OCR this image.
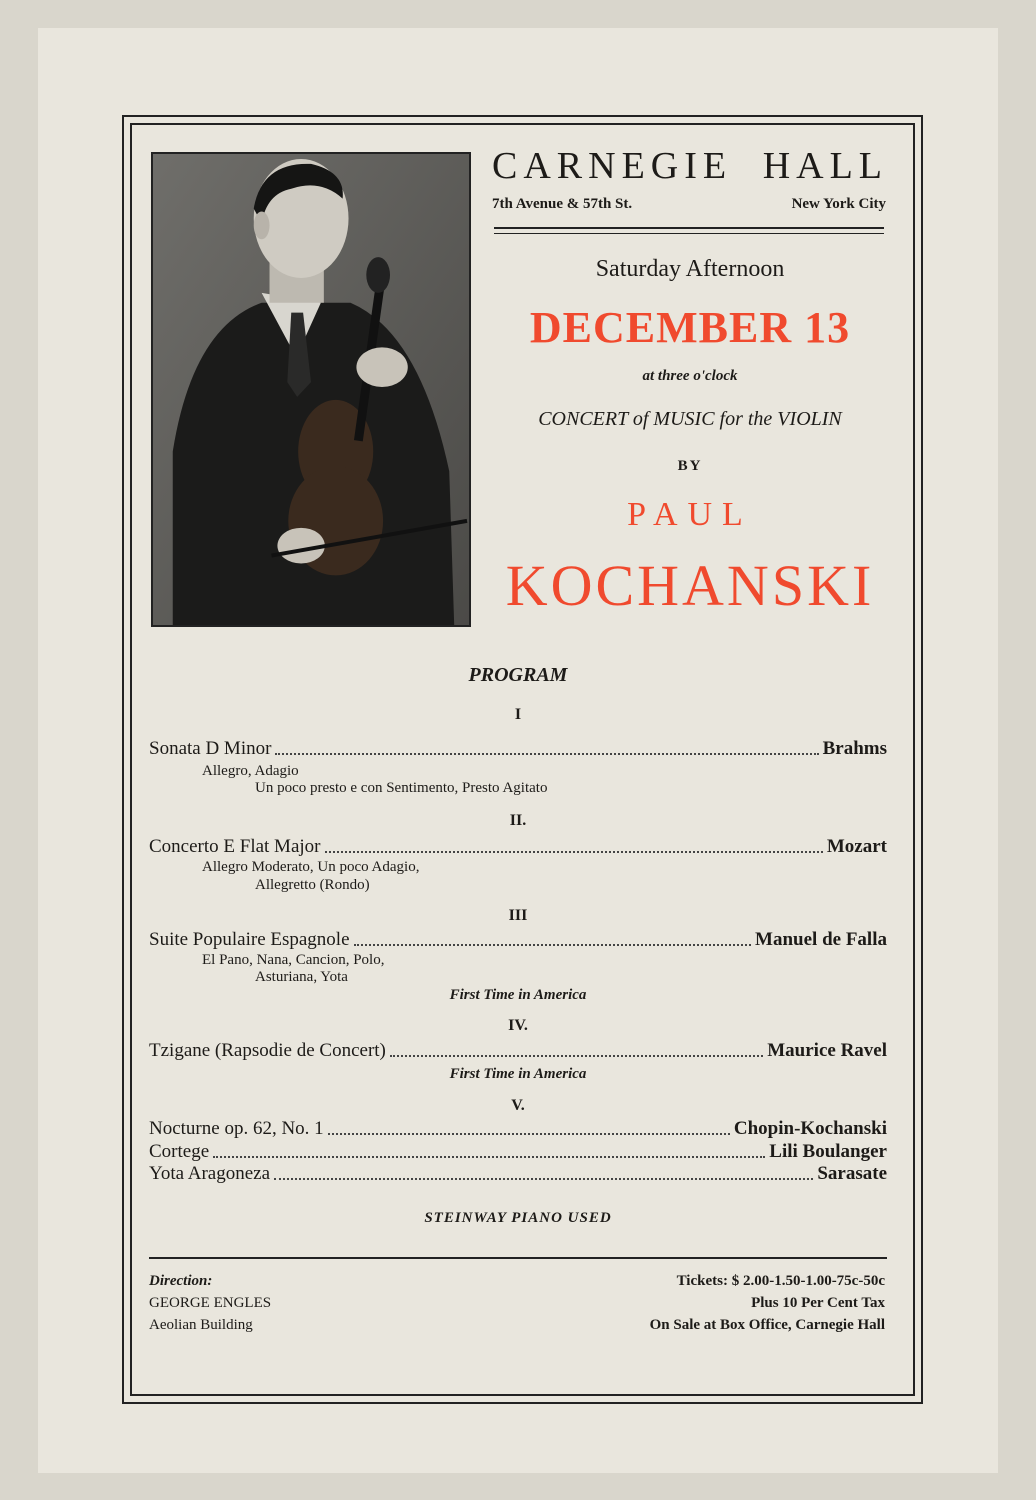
CARNEGIE HALL
7th Avenue & 57th St.	New York City
Saturday Afternoon
DECEMBER 13
at three o'clock
CONCERT of MUSIC for the VIOLIN
BY
PAUL
KOCHANSKI
PROGRAM
I
Sonata D Minor	Brahms
Allegro, Adagio
Un poco presto e con Sentimento, Presto Agitato
II.
Concerto E Flat Major	Mozart
Allegro Moderato, Un poco Adagio,
Allegretto (Rondo)
III
Suite Populaire Espagnole	Manuel de Falla
El Pano, Nana, Cancion, Polo,
Asturiana, Yota
First Time in America
IV.
Tzigane (Rapsodie de Concert)	Maurice Ravel
First Time in America
V.
Nocturne op. 62, No. 1	Chopin-Kochanski
Cortege	Lili Boulanger
Yota Aragoneza	Sarasate
STEINWAY PIANO USED
Direction:
GEORGE ENGLES
Aeolian Building
Tickets: $ 2.00-1.50-1.00-75c-50c
Plus 10 Per Cent Tax
On Sale at Box Office, Carnegie Hall
